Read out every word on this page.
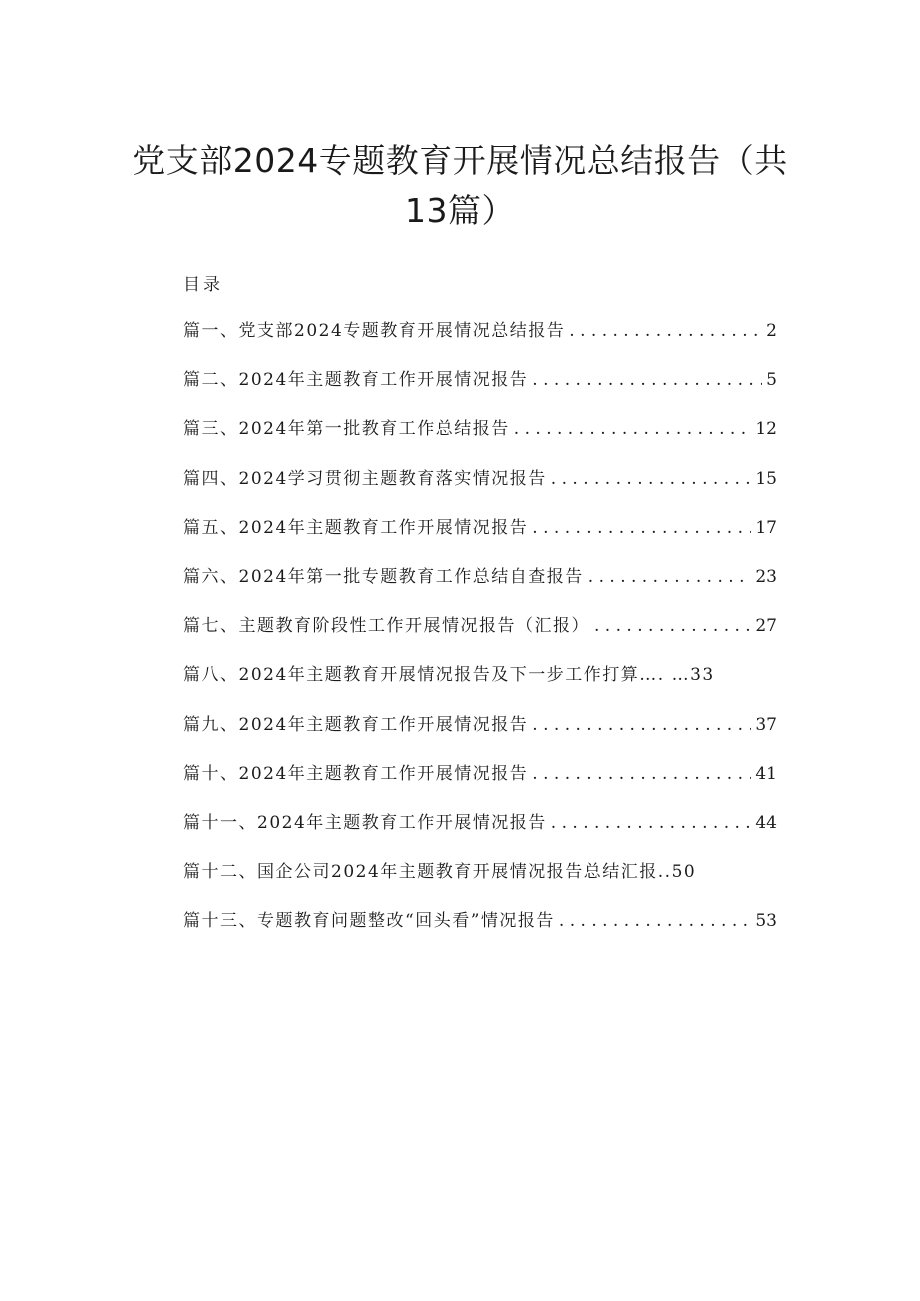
党支部2024专题教育开展情况总结报告（共
13篇）
目录
篇一、党支部2024专题教育开展情况总结报告 . . .	2
篇二、2024年主题教育工作开展情况报告 . . .	5
篇三、2024年第一批教育工作总结报告 . . .	12
篇四、2024学习贯彻主题教育落实情况报告 . . .	15
篇五、2024年主题教育工作开展情况报告 . . .	17
篇六、2024年第一批专题教育工作总结自查报告 . . .	23
篇七、主题教育阶段性工作开展情况报告（汇报） . . .	27
篇八、2024年主题教育开展情况报告及下一步工作打算…. …33
篇九、2024年主题教育工作开展情况报告 . . .	37
篇十、2024年主题教育工作开展情况报告 . . .	41
篇十一、2024年主题教育工作开展情况报告 . . .	44
篇十二、国企公司2024年主题教育开展情况报告总结汇报..50
篇十三、专题教育问题整改“回头看”情况报告 . . .	53
